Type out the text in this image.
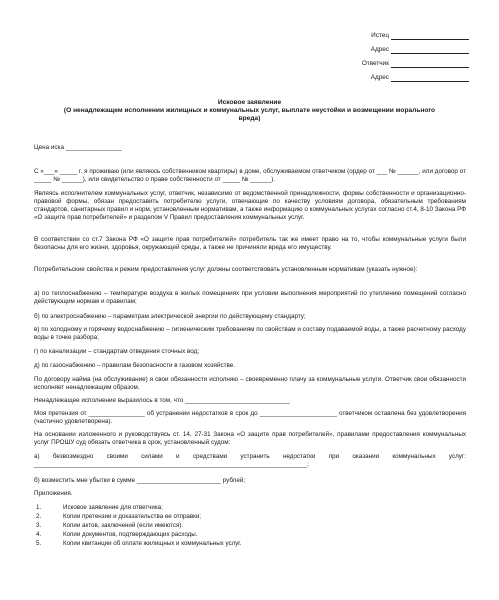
Истец
Адрес
Ответчик
Адрес
Исковое заявление
(О ненадлежащем исполнении жилищных и коммунальных услуг, выплате неустойки и возмещении морального
вреда)
Цена иска ________________
С «___» _____ г. я проживаю (или являюсь собственником квартиры) в доме, обслуживаемом ответчиком (ордер от ___ № ______, или договор от _____ № ______), или свидетельство о праве собственности от _____ № ______).
Являясь исполнителем коммунальных услуг, ответчик, независимо от ведомственной принадлежности, формы собственности и организационно-правовой формы, обязан предоставить потребителю услуги, отвечающие по качеству условиям договора, обязательным требованиям стандартов, санитарных правил и норм, установленным нормативам, а также информацию о коммунальных услугах согласно ст.4, 8-10 Закона РФ «О защите прав потребителей» и разделом V Правил предоставления коммунальных услуг.
В соответствии со ст.7 Закона РФ «О защите прав потребителей» потребитель так же имеет право на то, чтобы коммунальные услуги были безопасны для его жизни, здоровья, окружающей среды, а также не причиняли вреда его имуществу.
Потребительские свойства и режим предоставления услуг должны соответствовать установленным нормативам (указать нужное):
а) по теплоснабжению – температуре воздуха в жилых помещениях при условии выполнения мероприятий по утеплению помещений согласно действующим нормам и правилам;
б) по электроснабжению – параметрам электрической энергии по действующему стандарту;
в) по холодному и горячему водоснабжению – гигиеническим требованиям по свойствам и составу подаваемой воды, а также расчетному расходу воды в точке разбора;
г) по канализации – стандартам отведения сточных вод;
д) по газоснабжению – правилам безопасности в газовом хозяйстве.
По договору найма (на обслуживание) я свои обязанности исполняю – своевременно плачу за коммунальные услуги. Ответчик свои обязанности исполняет ненадлежащим образом.
Ненадлежащее исполнение выразилось в том, что ______________________________
Моя претензия от ________________ об устранении недостатков в срок до ______________________ ответчиком оставлена без удовлетворения (частично удовлетворена).
На основании изложенного и руководствуясь ст. 14, 27-31 Закона «О защите прав потребителей», правилами предоставления коммунальных услуг ПРОШУ суд обязать ответчика в срок, установленный судом:
а) безвозмездно своими силами и средствами устранить недостатки при оказании коммунальных услуг: ______________________________________________________________________________;
б) возместить мне убытки в сумме ________________________ рублей;
Приложения.
1.	Исковое заявление для ответчика;
2.	Копии претензии и доказательства ее отправки;
3.	Копии актов, заключений (если имеются).
4.	Копии документов, подтверждающих расходы.
5.	Копии квитанции об оплате жилищных и коммунальных услуг.
